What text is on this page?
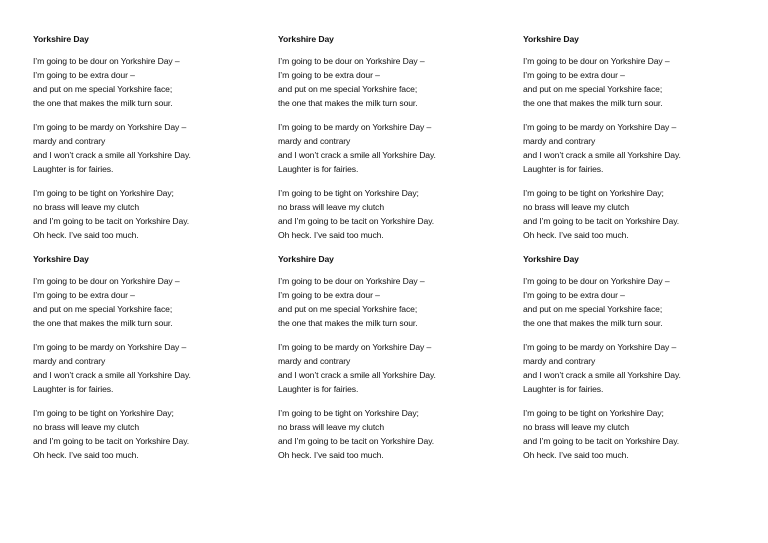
Yorkshire Day
I’m going to be dour on Yorkshire Day –
I’m going to be extra dour –
and put on me special Yorkshire face;
the one that makes the milk turn sour.
I’m going to be mardy on Yorkshire Day –
mardy and contrary
and I won’t crack a smile all Yorkshire Day.
Laughter is for fairies.
I’m going to be tight on Yorkshire Day;
no brass will leave my clutch
and I’m going to be tacit on Yorkshire Day.
Oh heck. I’ve said too much.
Yorkshire Day
I’m going to be dour on Yorkshire Day –
I’m going to be extra dour –
and put on me special Yorkshire face;
the one that makes the milk turn sour.
I’m going to be mardy on Yorkshire Day –
mardy and contrary
and I won’t crack a smile all Yorkshire Day.
Laughter is for fairies.
I’m going to be tight on Yorkshire Day;
no brass will leave my clutch
and I’m going to be tacit on Yorkshire Day.
Oh heck. I’ve said too much.
Yorkshire Day
I’m going to be dour on Yorkshire Day –
I’m going to be extra dour –
and put on me special Yorkshire face;
the one that makes the milk turn sour.
I’m going to be mardy on Yorkshire Day –
mardy and contrary
and I won’t crack a smile all Yorkshire Day.
Laughter is for fairies.
I’m going to be tight on Yorkshire Day;
no brass will leave my clutch
and I’m going to be tacit on Yorkshire Day.
Oh heck. I’ve said too much.
Yorkshire Day
I’m going to be dour on Yorkshire Day –
I’m going to be extra dour –
and put on me special Yorkshire face;
the one that makes the milk turn sour.
I’m going to be mardy on Yorkshire Day –
mardy and contrary
and I won’t crack a smile all Yorkshire Day.
Laughter is for fairies.
I’m going to be tight on Yorkshire Day;
no brass will leave my clutch
and I’m going to be tacit on Yorkshire Day.
Oh heck. I’ve said too much.
Yorkshire Day
I’m going to be dour on Yorkshire Day –
I’m going to be extra dour –
and put on me special Yorkshire face;
the one that makes the milk turn sour.
I’m going to be mardy on Yorkshire Day –
mardy and contrary
and I won’t crack a smile all Yorkshire Day.
Laughter is for fairies.
I’m going to be tight on Yorkshire Day;
no brass will leave my clutch
and I’m going to be tacit on Yorkshire Day.
Oh heck. I’ve said too much.
Yorkshire Day
I’m going to be dour on Yorkshire Day –
I’m going to be extra dour –
and put on me special Yorkshire face;
the one that makes the milk turn sour.
I’m going to be mardy on Yorkshire Day –
mardy and contrary
and I won’t crack a smile all Yorkshire Day.
Laughter is for fairies.
I’m going to be tight on Yorkshire Day;
no brass will leave my clutch
and I’m going to be tacit on Yorkshire Day.
Oh heck. I’ve said too much.
